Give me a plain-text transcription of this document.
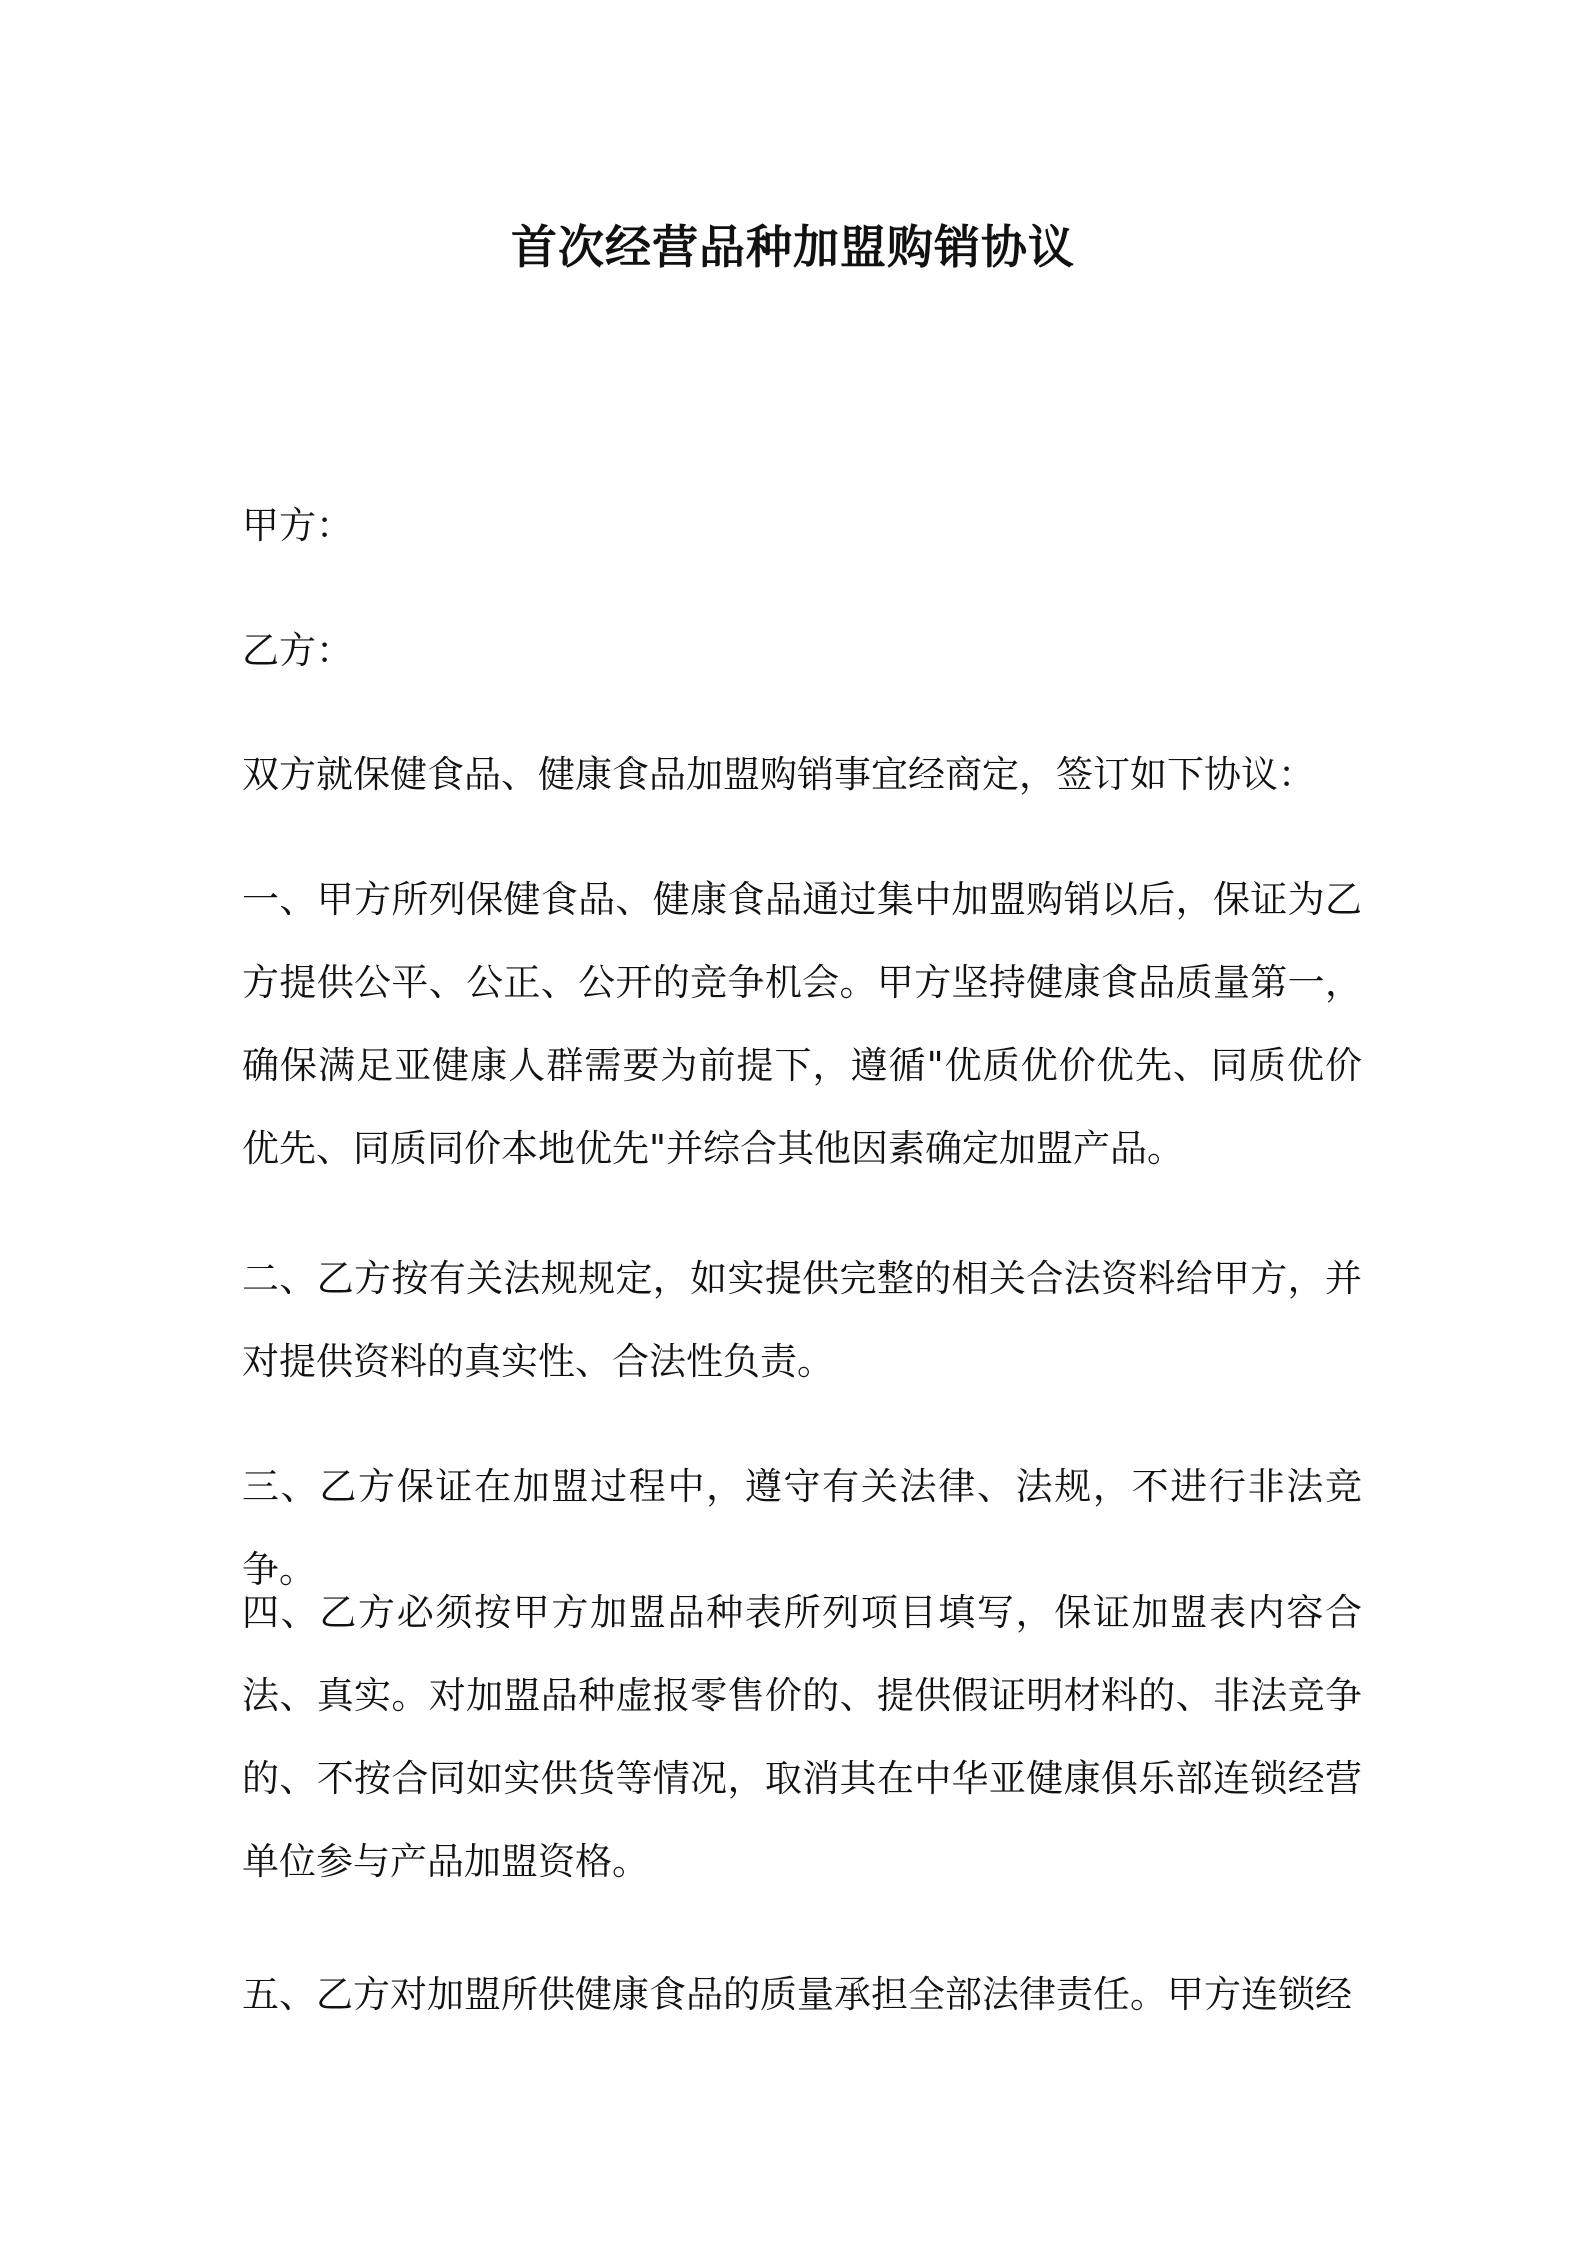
首次经营品种加盟购销协议

甲方：

乙方：

双方就保健食品、健康食品加盟购销事宜经商定，签订如下协议：

一、甲方所列保健食品、健康食品通过集中加盟购销以后，保证为乙方提供公平、公正、公开的竞争机会。甲方坚持健康食品质量第一，确保满足亚健康人群需要为前提下，遵循"优质优价优先、同质优价优先、同质同价本地优先"并综合其他因素确定加盟产品。

二、乙方按有关法规规定，如实提供完整的相关合法资料给甲方，并对提供资料的真实性、合法性负责。

三、乙方保证在加盟过程中，遵守有关法律、法规，不进行非法竞争。

四、乙方必须按甲方加盟品种表所列项目填写，保证加盟表内容合法、真实。对加盟品种虚报零售价的、提供假证明材料的、非法竞争的、不按合同如实供货等情况，取消其在中华亚健康俱乐部连锁经营单位参与产品加盟资格。

五、乙方对加盟所供健康食品的质量承担全部法律责任。甲方连锁经
